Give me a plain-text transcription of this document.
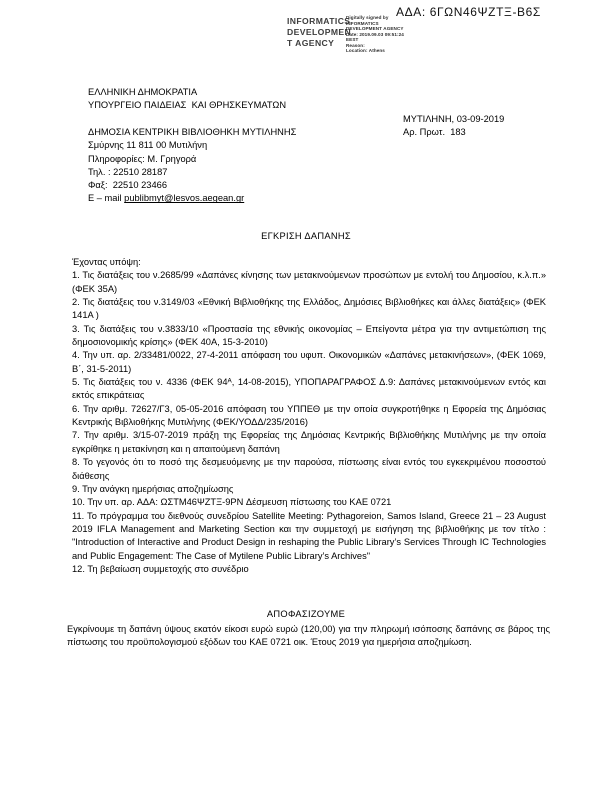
ΑΔΑ: 6ΓΩΝ46ΨΖΤΞ-Β6Σ
INFORMATICS
DEVELOPMEN
T AGENCY
Digitally signed by
INFORMATICS
DEVELOPMENT AGENCY
Date: 2019.09.03 09:51:24
EEST
Reason:
Location: Athens
ΕΛΛΗΝΙΚΗ ΔΗΜΟΚΡΑΤΙΑ
ΥΠΟΥΡΓΕΙΟ ΠΑΙΔΕΙΑΣ  ΚΑΙ ΘΡΗΣΚΕΥΜΑΤΩΝ
ΜΥΤΙΛΗΝΗ, 03-09-2019
Αρ. Πρωτ.  183
ΔΗΜΟΣΙΑ ΚΕΝΤΡΙΚΗ ΒΙΒΛΙΟΘΗΚΗ ΜΥΤΙΛΗΝΗΣ
Σμύρνης 11 811 00 Μυτιλήνη
Πληροφορίες: Μ. Γρηγορά
Τηλ. : 22510 28187
Φαξ:  22510 23466
E – mail publibmyt@lesvos.aegean.gr
ΕΓΚΡΙΣΗ ΔΑΠΑΝΗΣ

Έχοντας υπόψη:

1. Τις διατάξεις του ν.2685/99 «Δαπάνες κίνησης των μετακινούμενων προσώπων με εντολή του Δημοσίου, κ.λ.π.» (ΦΕΚ 35Α)

2. Τις διατάξεις του ν.3149/03 «Εθνική Βιβλιοθήκης της Ελλάδος, Δημόσιες Βιβλιοθήκες και άλλες διατάξεις» (ΦΕΚ 141Α )

3. Τις διατάξεις του ν.3833/10 «Προστασία της εθνικής οικονομίας – Επείγοντα μέτρα για την αντιμετώπιση της δημοσιονομικής κρίσης» (ΦΕΚ 40Α, 15-3-2010)

4. Την υπ. αρ. 2/33481/0022, 27-4-2011 απόφαση του υφυπ. Οικονομικών «Δαπάνες μετακινήσεων», (ΦΕΚ 1069, Β΄, 31-5-2011)

5. Τις διατάξεις του ν. 4336 (ΦΕΚ 94ᴬ, 14-08-2015), ΥΠΟΠΑΡΑΓΡΑΦΟΣ Δ.9: Δαπάνες μετακινούμενων εντός και εκτός επικράτειας

6. Την αριθμ. 72627/Γ3, 05-05-2016 απόφαση του ΥΠΠΕΘ με την οποία συγκροτήθηκε η Εφορεία της Δημόσιας Κεντρικής Βιβλιοθήκης Μυτιλήνης (ΦΕΚ/ΥΟΔΔ/235/2016)

7. Την αριθμ. 3/15-07-2019 πράξη της Εφορείας της Δημόσιας Κεντρικής Βιβλιοθήκης Μυτιλήνης με την οποία εγκρίθηκε η μετακίνηση και η απαιτούμενη δαπάνη

8. Το γεγονός ότι το ποσό της δεσμευόμενης με την παρούσα, πίστωσης είναι εντός του εγκεκριμένου ποσοστού διάθεσης

9. Την ανάγκη ημερήσιας αποζημίωσης

10. Την υπ. αρ. ΑΔΑ: ΩΣΤΜ46ΨΖΤΞ-9PN Δέσμευση πίστωσης του ΚΑΕ 0721

11. Το πρόγραμμα του διεθνούς συνεδρίου Satellite Meeting: Pythagoreion, Samos Island, Greece 21 – 23 August 2019 IFLA Management and Marketing Section και την συμμετοχή με εισήγηση της βιβλιοθήκης με τον τίτλο : "Introduction of Interactive and Product Design in reshaping the Public Library’s Services Through IC Technologies and Public Engagement: The Case of Mytilene Public Library’s Archives"

12. Τη βεβαίωση συμμετοχής στο συνέδριο

ΑΠΟΦΑΣΙΖΟΥΜΕ
Εγκρίνουμε τη δαπάνη ύψους εκατόν είκοσι ευρώ ευρώ (120,00) για την πληρωμή ισόποσης δαπάνης σε βάρος της πίστωσης του προϋπολογισμού εξόδων του ΚΑΕ 0721 οικ. Έτους 2019 για ημερήσια αποζημίωση.
